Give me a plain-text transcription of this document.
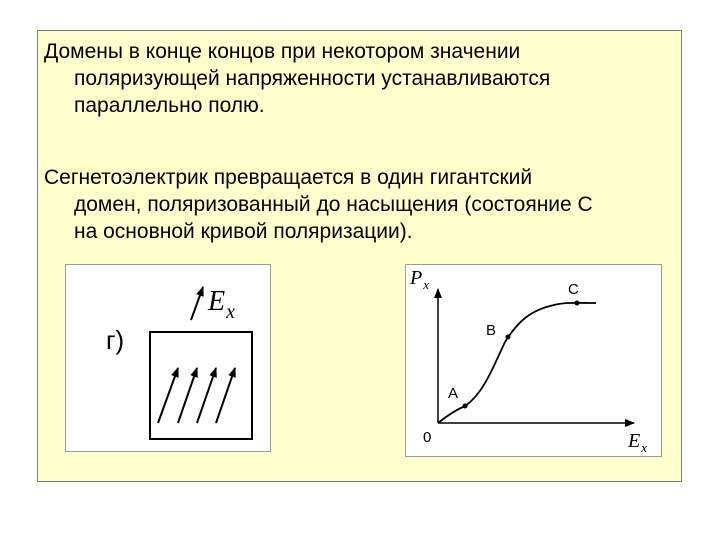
Домены в конце концов при некотором значении
поляризующей напряженности устанавливаются
параллельно полю.
Сегнетоэлектрик превращается в один гигантский
домен, поляризованный до насыщения (состояние С
на основной кривой поляризации).
г)
$E_x$
$P_x$
$E_x$
0
A
B
C
